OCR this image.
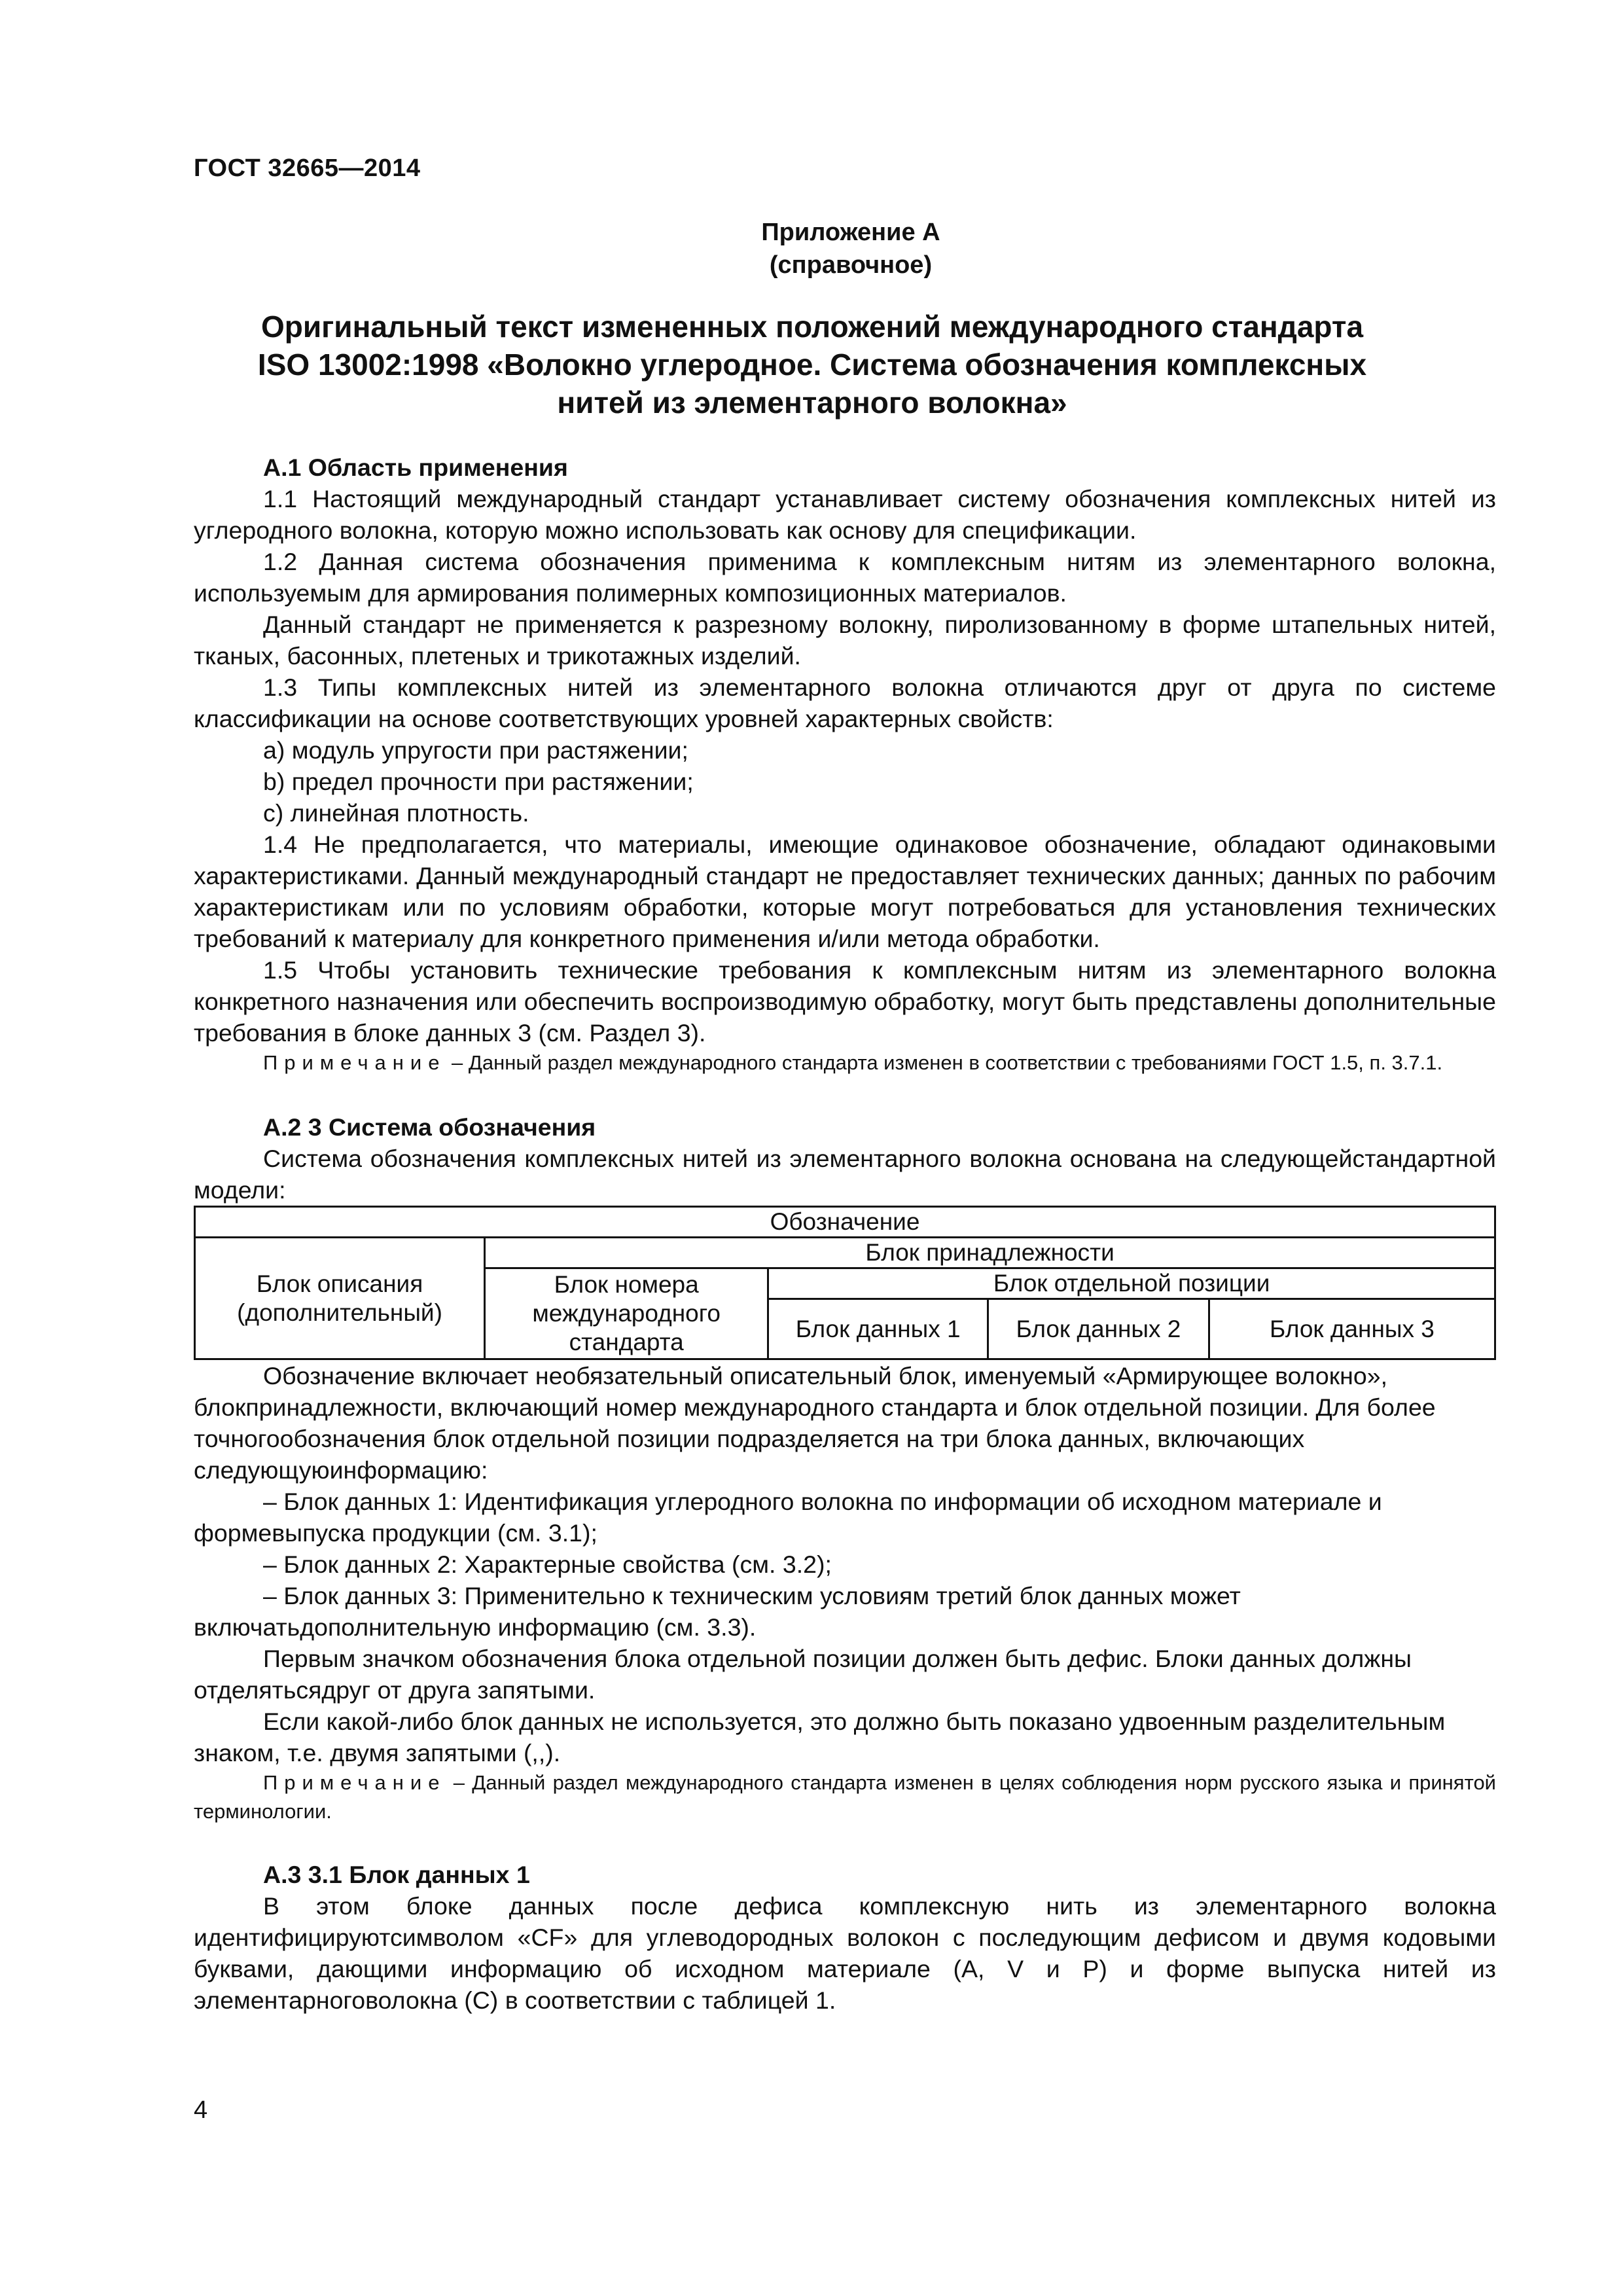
ГОСТ 32665—2014
Приложение А
(справочное)
Оригинальный текст измененных положений международного стандарта
ISO 13002:1998 «Волокно углеродное. Система обозначения комплексных
нитей из элементарного волокна»

А.1 Область применения

1.1 Настоящий международный стандарт устанавливает систему обозначения комплексных нитей из углеродного волокна, которую можно использовать как основу для спецификации.

1.2 Данная система обозначения применима к комплексным нитям из элементарного волокна, используемым для армирования полимерных композиционных материалов.

Данный стандарт не применяется к разрезному волокну, пиролизованному в форме штапельных нитей, тканых, басонных, плетеных и трикотажных изделий.

1.3 Типы комплексных нитей из элементарного волокна отличаются друг от друга по системе классификации на основе соответствующих уровней характерных свойств:

а) модуль упругости при растяжении;

b) предел прочности при растяжении;

с) линейная плотность.

1.4 Не предполагается, что материалы, имеющие одинаковое обозначение, обладают одинаковыми характеристиками. Данный международный стандарт не предоставляет технических данных; данных по рабочим характеристикам или по условиям обработки, которые могут потребоваться для установления технических требований к материалу для конкретного применения и/или метода обработки.

1.5 Чтобы установить технические требования к комплексным нитям из элементарного волокна конкретного назначения или обеспечить воспроизводимую обработку, могут быть представлены дополнительные требования в блоке данных 3 (см. Раздел 3).

Примечание – Данный раздел международного стандарта изменен в соответствии с требованиями ГОСТ 1.5, п. 3.7.1.

А.2 3 Система обозначения

Система обозначения комплексных нитей из элементарного волокна основана на следующейстандартной модели:

Обозначение				
Блок описания (дополнительный)	Блок принадлежности			
	Блок номера международного стандарта	Блок отдельной позиции		
		Блок данных 1	Блок данных 2	Блок данных 3

Обозначение включает необязательный описательный блок, именуемый «Армирующее волокно», блокпринадлежности, включающий номер международного стандарта и блок отдельной позиции. Для более точногообозначения блок отдельной позиции подразделяется на три блока данных, включающих следующуюинформацию:

– Блок данных 1: Идентификация углеродного волокна по информации об исходном материале и формевыпуска продукции (см. 3.1);

– Блок данных 2: Характерные свойства (см. 3.2);

– Блок данных 3: Применительно к техническим условиям третий блок данных может включатьдополнительную информацию (см. 3.3).

Первым значком обозначения блока отдельной позиции должен быть дефис. Блоки данных должны отделятьсядруг от друга запятыми.

Если какой-либо блок данных не используется, это должно быть показано удвоенным разделительным знаком, т.е. двумя запятыми (,,).

Примечание – Данный раздел международного стандарта изменен в целях соблюдения норм русского языка и принятой терминологии.

А.3 3.1 Блок данных 1

В этом блоке данных после дефиса комплексную нить из элементарного волокна идентифицируютсимволом «CF» для углеводородных волокон с последующим дефисом и двумя кодовыми буквами, дающими информацию об исходном материале (A, V и P) и форме выпуска нитей из элементарноговолокна (С) в соответствии с таблицей 1.

4
